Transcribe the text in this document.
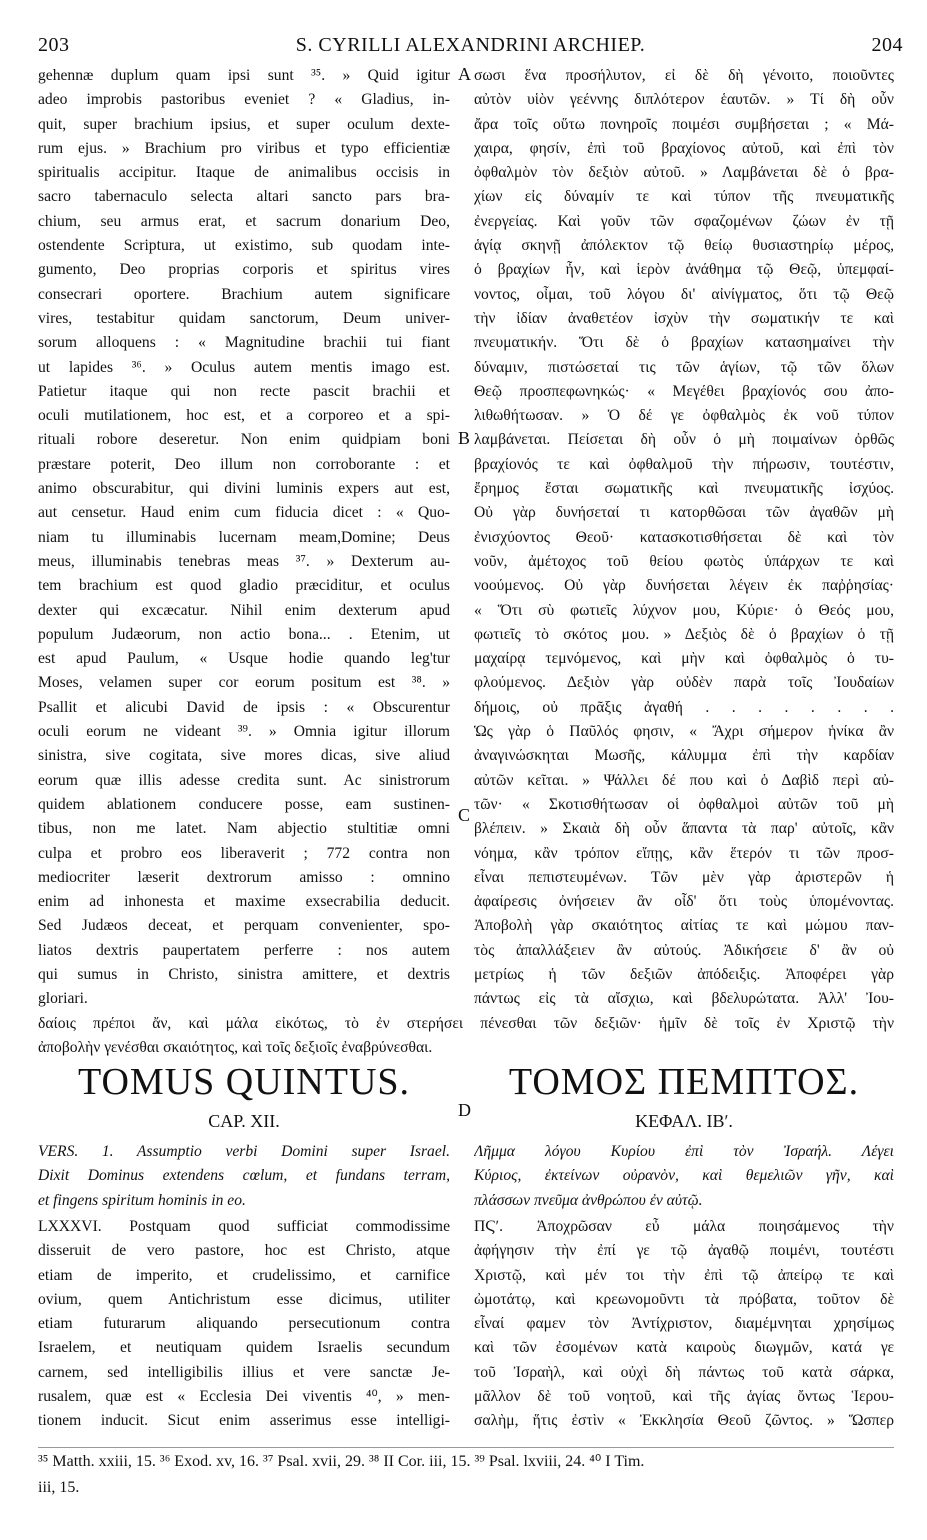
203	S. CYRILLI ALEXANDRINI ARCHIEP.	204
A
B
C
D
gehennæ duplum quam ipsi sunt ³⁵. » Quid igitur
adeo improbis pastoribus eveniet ? « Gladius, in-
quit, super brachium ipsius, et super oculum dexte-
rum ejus. » Brachium pro viribus et typo efficientiæ
spiritualis accipitur. Itaque de animalibus occisis in
sacro tabernaculo selecta altari sancto pars bra-
chium, seu armus erat, et sacrum donarium Deo,
ostendente Scriptura, ut existimo, sub quodam inte-
gumento, Deo proprias corporis et spiritus vires
consecrari oportere. Brachium autem significare
vires, testabitur quidam sanctorum, Deum univer-
sorum alloquens : « Magnitudine brachii tui fiant
ut lapides ³⁶. » Oculus autem mentis imago est.
Patietur itaque qui non recte pascit brachii et
oculi mutilationem, hoc est, et a corporeo et a spi-
rituali robore deseretur. Non enim quidpiam boni
præstare poterit, Deo illum non corroborante : et
animo obscurabitur, qui divini luminis expers aut est,
aut censetur. Haud enim cum fiducia dicet : « Quo-
niam tu illuminabis lucernam meam,Domine; Deus
meus, illuminabis tenebras meas ³⁷. » Dexterum au-
tem brachium est quod gladio præciditur, et oculus
dexter qui excæcatur. Nihil enim dexterum apud
populum Judæorum, non actio bona... . Etenim, ut
est apud Paulum, « Usque hodie quando leg'tur
Moses, velamen super cor eorum positum est ³⁸. »
Psallit et alicubi David de ipsis : « Obscurentur
oculi eorum ne videant ³⁹. » Omnia igitur illorum
sinistra, sive cogitata, sive mores dicas, sive aliud
eorum quæ illis adesse credita sunt. Ac sinistrorum
quidem ablationem conducere posse, eam sustinen-
tibus, non me latet. Nam abjectio stultitiæ omni
culpa et probro eos liberaverit ; 772 contra non
mediocriter læserit dextrorum amisso : omnino
enim ad inhonesta et maxime exsecrabilia deducit.
Sed Judæos deceat, et perquam convenienter, spo-
liatos dextris paupertatem perferre : nos autem
qui sumus in Christo, sinistra amittere, et dextris
gloriari.
σωσι ἕνα προσήλυτον, εἰ δὲ δὴ γένοιτο, ποιοῦντες
αὐτὸν υἱὸν γεέννης διπλότερον ἑαυτῶν. » Τί δὴ οὖν
ἄρα τοῖς οὕτω πονηροῖς ποιμέσι συμβήσεται ; « Μά-
χαιρα, φησίν, ἐπὶ τοῦ βραχίονος αὐτοῦ, καὶ ἐπὶ τὸν
ὀφθαλμὸν τὸν δεξιὸν αὐτοῦ. » Λαμβάνεται δὲ ὁ βρα-
χίων εἰς δύναμίν τε καὶ τύπον τῆς πνευματικῆς
ἐνεργείας. Καὶ γοῦν τῶν σφαζομένων ζώων ἐν τῇ
ἁγίᾳ σκηνῇ ἀπόλεκτον τῷ θείῳ θυσιαστηρίῳ μέρος,
ὁ βραχίων ἦν, καὶ ἱερὸν ἀνάθημα τῷ Θεῷ, ὑπεμφαί-
νοντος, οἶμαι, τοῦ λόγου δι' αἰνίγματος, ὅτι τῷ Θεῷ
τὴν ἰδίαν ἀναθετέον ἰσχὺν τὴν σωματικήν τε καὶ
πνευματικήν. Ὅτι δὲ ὁ βραχίων κατασημαίνει τὴν
δύναμιν, πιστώσεταί τις τῶν ἁγίων, τῷ τῶν ὅλων
Θεῷ προσπεφωνηκώς· « Μεγέθει βραχίονός σου ἀπο-
λιθωθήτωσαν. » Ὁ δέ γε ὀφθαλμὸς ἐκ νοῦ τύπον
λαμβάνεται. Πείσεται δὴ οὖν ὁ μὴ ποιμαίνων ὀρθῶς
βραχίονός τε καὶ ὀφθαλμοῦ τὴν πήρωσιν, τουτέστιν,
ἔρημος ἔσται σωματικῆς καὶ πνευματικῆς ἰσχύος.
Οὐ γὰρ δυνήσεταί τι κατορθῶσαι τῶν ἀγαθῶν μὴ
ἐνισχύοντος Θεοῦ· κατασκοτισθήσεται δὲ καὶ τὸν
νοῦν, ἀμέτοχος τοῦ θείου φωτὸς ὑπάρχων τε καὶ
νοούμενος. Οὐ γὰρ δυνήσεται λέγειν ἐκ παῤῥησίας·
« Ὅτι σὺ φωτιεῖς λύχνον μου, Κύριε· ὁ Θεός μου,
φωτιεῖς τὸ σκότος μου. » Δεξιὸς δὲ ὁ βραχίων ὁ τῇ
μαχαίρᾳ τεμνόμενος, καὶ μὴν καὶ ὀφθαλμὸς ὁ τυ-
φλούμενος. Δεξιὸν γὰρ οὐδὲν παρὰ τοῖς Ἰουδαίων
δήμοις, οὐ πρᾶξις ἀγαθή . . . . . . . .
Ὡς γὰρ ὁ Παῦλός φησιν, « Ἄχρι σήμερον ἡνίκα ἂν
ἀναγινώσκηται Μωσῆς, κάλυμμα ἐπὶ τὴν καρδίαν
αὐτῶν κεῖται. » Ψάλλει δέ που καὶ ὁ Δαβὶδ περὶ αὐ-
τῶν· « Σκοτισθήτωσαν οἱ ὀφθαλμοὶ αὐτῶν τοῦ μὴ
βλέπειν. » Σκαιὰ δὴ οὖν ἅπαντα τὰ παρ' αὐτοῖς, κἂν
νόημα, κἂν τρόπον εἴπῃς, κἂν ἕτερόν τι τῶν προσ-
εἶναι πεπιστευμένων. Τῶν μὲν γὰρ ἀριστερῶν ἡ
ἀφαίρεσις ὀνήσειεν ἂν οἶδ' ὅτι τοὺς ὑπομένοντας.
Ἀποβολὴ γὰρ σκαιότητος αἰτίας τε καὶ μώμου παν-
τὸς ἀπαλλάξειεν ἂν αὐτούς. Ἀδικήσειε δ' ἂν οὐ
μετρίως ἡ τῶν δεξιῶν ἀπόδειξις. Ἀποφέρει γὰρ
πάντως εἰς τὰ αἴσχιω, καὶ βδελυρώτατα. Ἀλλ' Ἰου-
δαίοις πρέποι ἄν, καὶ μάλα εἰκότως, τὸ ἐν στερήσει πένεσθαι τῶν δεξιῶν· ἡμῖν δὲ τοῖς ἐν Χριστῷ τὴν
ἀποβολὴν γενέσθαι σκαιότητος, καὶ τοῖς δεξιοῖς ἐναβρύνεσθαι.
TOMUS QUINTUS.	ΤΟΜΟΣ ΠΕΜΠΤΟΣ.
CAP. XII.	ΚΕΦΑΛ. ΙΒʹ.
VERS. 1. Assumptio verbi Domini super Israel.
Dixit Dominus extendens cœlum, et fundans terram,
et fingens spiritum hominis in eo.
Λῆμμα λόγου Κυρίου ἐπὶ τὸν Ἰσραήλ. Λέγει
Κύριος, ἐκτείνων οὐρανὸν, καὶ θεμελιῶν γῆν, καὶ
πλάσσων πνεῦμα ἀνθρώπου ἐν αὐτῷ.
LXXXVI. Postquam quod sufficiat commodissime
disseruit de vero pastore, hoc est Christo, atque
etiam de imperito, et crudelissimo, et carnifice
ovium, quem Antichristum esse dicimus, utiliter
etiam futurarum aliquando persecutionum contra
Israelem, et neutiquam quidem Israelis secundum
carnem, sed intelligibilis illius et vere sanctæ Je-
rusalem, quæ est « Ecclesia Dei viventis ⁴⁰, » men-
tionem inducit. Sicut enim asserimus esse intelligi-
ΠϚʹ. Ἀποχρῶσαν εὖ μάλα ποιησάμενος τὴν
ἀφήγησιν τὴν ἐπί γε τῷ ἀγαθῷ ποιμένι, τουτέστι
Χριστῷ, καὶ μέν τοι τὴν ἐπὶ τῷ ἀπείρῳ τε καὶ
ὠμοτάτῳ, καὶ κρεωνομοῦντι τὰ πρόβατα, τοῦτον δὲ
εἶναί φαμεν τὸν Ἀντίχριστον, διαμέμνηται χρησίμως
καὶ τῶν ἐσομένων κατὰ καιροὺς διωγμῶν, κατά γε
τοῦ Ἰσραὴλ, καὶ οὐχὶ δὴ πάντως τοῦ κατὰ σάρκα,
μᾶλλον δὲ τοῦ νοητοῦ, καὶ τῆς ἁγίας ὄντως Ἱερου-
σαλὴμ, ἥτις ἐστὶν « Ἐκκλησία Θεοῦ ζῶντος. » Ὥσπερ
³⁵ Matth. xxiii, 15. ³⁶ Exod. xv, 16. ³⁷ Psal. xvii, 29. ³⁸ II Cor. iii, 15. ³⁹ Psal. lxviii, 24. ⁴⁰ I Tim.
iii, 15.
